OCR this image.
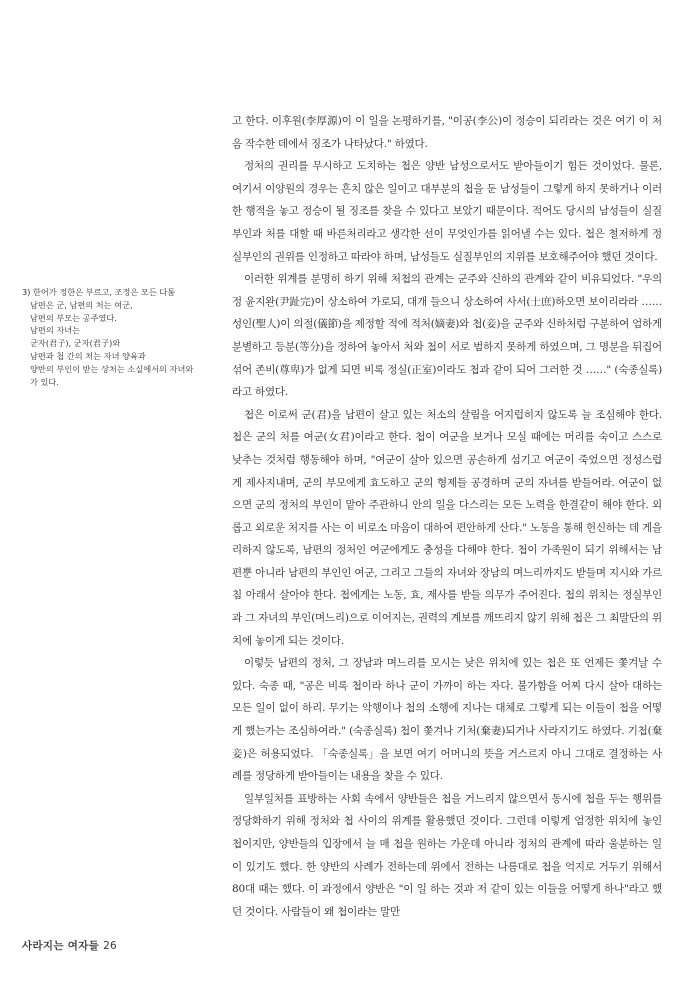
고 한다. 이후원(李厚源)이 이 일을 논평하기를, "이공(李公)이 정승이 되리라는 것은 여기 이 처음 작수한 데에서 징조가 나타났다." 하였다.

정처의 권리를 무시하고 도치하는 첩은 양반 남성으로서도 받아들이기 힘든 것이었다. 물론, 여기서 이양원의 경우는 흔치 않은 일이고 대부분의 첩을 둔 남성들이 그렇게 하지 못하거나 이러한 행적을 놓고 정승이 될 징조를 찾을 수 있다고 보았기 때문이다. 적어도 당시의 남성들이 실질부인과 처를 대할 때 바른처리라고 생각한 선이 무엇인가를 읽어낼 수는 있다. 첩은 철저하게 정실부인의 권위를 인정하고 따라야 하며, 남성들도 실질부인의 지위를 보호해주어야 했던 것이다.

이러한 위계를 분명히 하기 위해 처첩의 관계는 군주와 신하의 관계와 같이 비유되었다. "우의정 윤지완(尹趾完)이 상소하여 가로되, 대개 들으니 상소하여 사서(士庶)하오면 보이리라라 …… 성인(聖人)이 의절(儀節)을 제정할 적에 적처(嫡妻)와 첩(妾)을 군주와 신하처럼 구분하여 엄하게 분별하고 등분(等分)을 정하여 놓아서 처와 첩이 서로 범하지 못하게 하였으며, 그 명분을 뒤집어 섞어 존비(尊卑)가 없게 되면 비록 정실(正室)이라도 첩과 같이 되어 그러한 것 ……" (숙종실록) 라고 하였다.

첩은 이로써 군(君)을 남편이 살고 있는 처소의 살림을 어지럽히지 않도록 늘 조심해야 한다. 첩은 군의 처를 여군(女君)이라고 한다. 첩이 여군을 보거나 모실 때에는 머리를 숙이고 스스로 낮추는 것처럼 행동해야 하며, "여군이 살아 있으면 공손하게 섬기고 여군이 죽었으면 정성스럽게 제사지내며, 군의 부모에게 효도하고 군의 형제들 공경하며 군의 자녀를 받들어라. 여군이 없으면 군의 정처의 부인이 맡아 주관하니 안의 일을 다스리는 모든 노력을 한결같이 해야 한다. 외롭고 외로운 처지를 사는 이 비로소 마음이 대하여 편안하게 산다." 노동을 통해 헌신하는 데 게을리하지 않도록, 남편의 정처인 여군에게도 충성을 다해야 한다. 첩이 가족원이 되기 위해서는 남편뿐 아니라 남편의 부인인 여군, 그리고 그들의 자녀와 장남의 며느리까지도 받들며 지시와 가르침 아래서 살아야 한다. 첩에게는 노동, 효, 제사를 받들 의무가 주어진다. 첩의 위치는 정실부인과 그 자녀의 부인(며느리)으로 이어지는, 권력의 계보를 깨뜨리지 않기 위해 첩은 그 최말단의 위치에 놓이게 되는 것이다.

이렇듯 남편의 정처, 그 장남과 며느리를 모시는 낮은 위치에 있는 첩은 또 언제든 쫓겨날 수 있다. 숙종 때, "공은 비록 첩이라 하나 군이 가까이 하는 자다. 불가함을 어찌 다시 살아 대하는 모든 일이 없이 하리. 무기는 악행이나 첩의 소행에 지나는 대체로 그렇게 되는 이들이 첩을 어떻게 했는가는 조심하여라." (숙종실록) 첩이 쫓겨나 기처(棄妻)되거나 사라지기도 하였다. 기첩(棄妾)은 허용되었다. 「숙종실록」을 보면 여기 어머니의 뜻을 거스르지 아니 그대로 결정하는 사례를 정당하게 받아들이는 내용을 찾을 수 있다.

일부일처를 표방하는 사회 속에서 양반들은 첩을 거느리지 않으면서 동시에 첩을 두는 행위를 정당화하기 위해 정처와 첩 사이의 위계를 활용했던 것이다. 그런데 이렇게 엄정한 위치에 놓인 첩이지만, 양반들의 입장에서 늘 매 첩을 원하는 가운데 아니라 정처의 관계에 따라 울분하는 일이 있기도 했다. 한 양반의 사례가 전하는데 위에서 전하는 나름대로 첩을 억지로 거두기 위해서 80대 때는 했다. 이 과정에서 양반은 "이 일 하는 것과 저 같이 있는 이들을 어떻게 하나"라고 했던 것이다. 사람들이 왜 첩이라는 말만

3) 한어가 정한은 부르고, 조정은 모든 다툼
남편은 군, 남편의 처는 여군,
남편의 부모는 공주였다.
남편의 자녀는
군자(君子), 군자(君子)와
남편과 첩 간의 처는 자녀 양육과
양반의 부인이 받는 상처는 소실에서의 자녀와
가 있다.
사라지는 여자들 26
